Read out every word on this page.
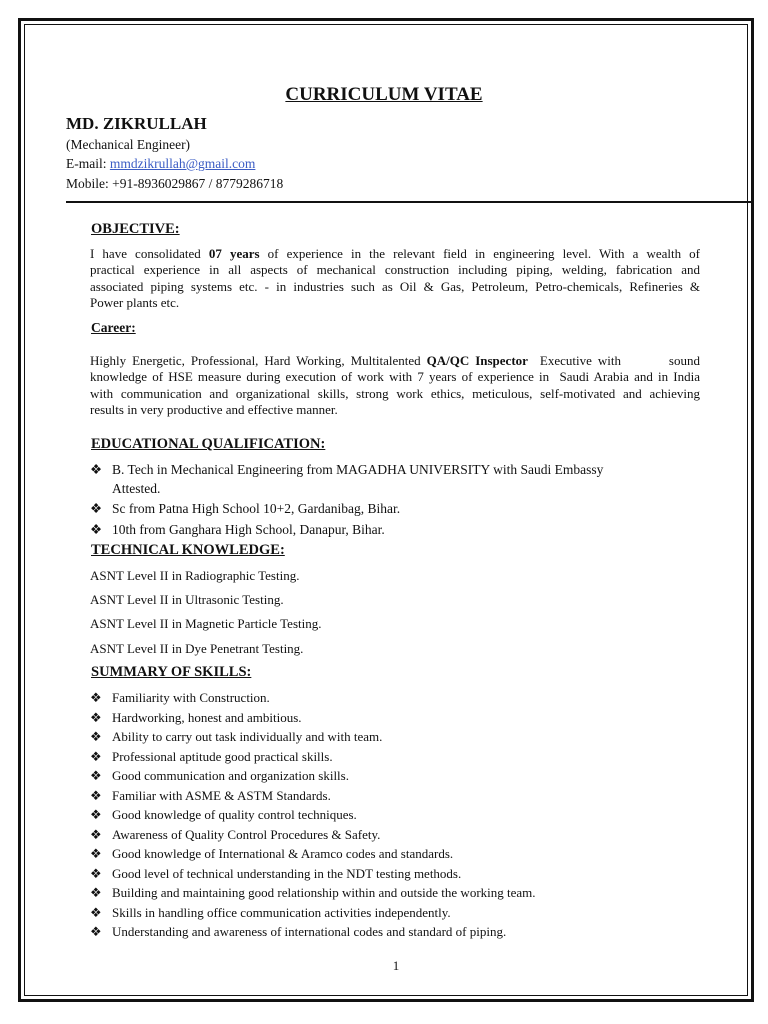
CURRICULUM VITAE
MD. ZIKRULLAH
(Mechanical Engineer)
E-mail: mmdzikrullah@gmail.com
Mobile: +91-8936029867 / 8779286718
OBJECTIVE:
I have consolidated 07 years of experience in the relevant field in engineering level. With a wealth of
practical experience in all aspects of mechanical construction including piping, welding, fabrication and
associated piping systems etc. - in industries such as Oil & Gas, Petroleum, Petro-chemicals, Refineries &
Power plants etc.
Career:
Highly Energetic, Professional, Hard Working, Multitalented QA/QC Inspector  Executive with        sound
knowledge of HSE measure during execution of work with 7 years of experience in  Saudi Arabia and in India
with communication and organizational skills, strong work ethics, meticulous, self-motivated and achieving
results in very productive and effective manner.
EDUCATIONAL QUALIFICATION:
❖ B. Tech in Mechanical Engineering from MAGADHA UNIVERSITY with Saudi Embassy
Attested.
❖ Sc from Patna High School 10+2, Gardanibag, Bihar.
❖ 10th from Ganghara High School, Danapur, Bihar.
TECHNICAL KNOWLEDGE:
ASNT Level II in Radiographic Testing.
ASNT Level II in Ultrasonic Testing.
ASNT Level II in Magnetic Particle Testing.
ASNT Level II in Dye Penetrant Testing.
SUMMARY OF SKILLS:
❖ Familiarity with Construction.
❖ Hardworking, honest and ambitious.
❖ Ability to carry out task individually and with team.
❖ Professional aptitude good practical skills.
❖ Good communication and organization skills.
❖ Familiar with ASME & ASTM Standards.
❖ Good knowledge of quality control techniques.
❖ Awareness of Quality Control Procedures & Safety.
❖ Good knowledge of International & Aramco codes and standards.
❖ Good level of technical understanding in the NDT testing methods.
❖ Building and maintaining good relationship within and outside the working team.
❖ Skills in handling office communication activities independently.
❖ Understanding and awareness of international codes and standard of piping.
1
